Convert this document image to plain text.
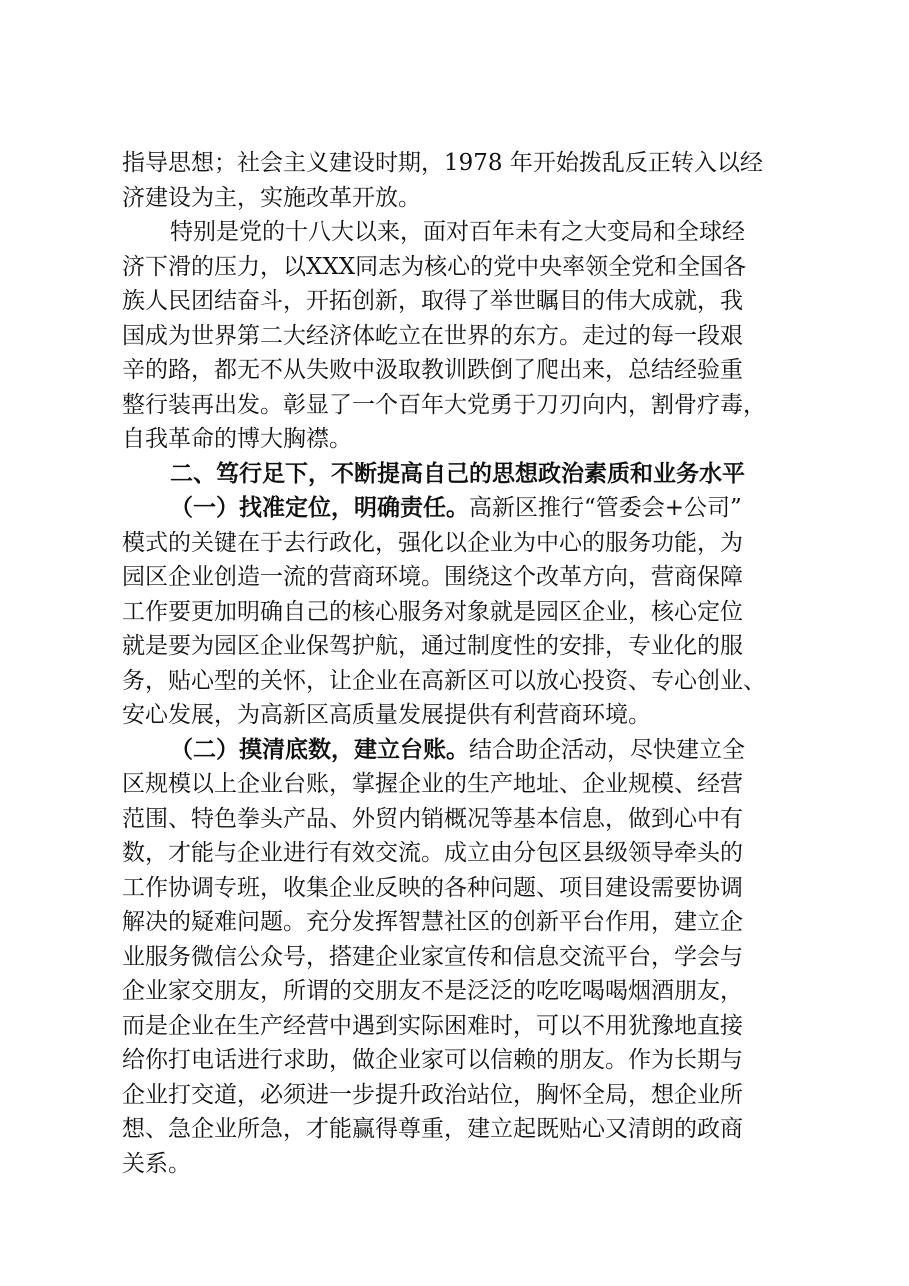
指导思想；社会主义建设时期，1978 年开始拨乱反正转入以经
济建设为主，实施改革开放。

特别是党的十八大以来，面对百年未有之大变局和全球经
济下滑的压力，以XXX同志为核心的党中央率领全党和全国各
族人民团结奋斗，开拓创新，取得了举世瞩目的伟大成就，我
国成为世界第二大经济体屹立在世界的东方。走过的每一段艰
辛的路，都无不从失败中汲取教训跌倒了爬出来，总结经验重
整行装再出发。彰显了一个百年大党勇于刀刃向内，割骨疗毒，
自我革命的博大胸襟。

二、笃行足下，不断提高自己的思想政治素质和业务水平

（一）找准定位，明确责任。高新区推行“管委会+公司”
模式的关键在于去行政化，强化以企业为中心的服务功能，为
园区企业创造一流的营商环境。围绕这个改革方向，营商保障
工作要更加明确自己的核心服务对象就是园区企业，核心定位
就是要为园区企业保驾护航，通过制度性的安排，专业化的服
务，贴心型的关怀，让企业在高新区可以放心投资、专心创业、
安心发展，为高新区高质量发展提供有利营商环境。

（二）摸清底数，建立台账。结合助企活动，尽快建立全
区规模以上企业台账，掌握企业的生产地址、企业规模、经营
范围、特色拳头产品、外贸内销概况等基本信息，做到心中有
数，才能与企业进行有效交流。成立由分包区县级领导牵头的
工作协调专班，收集企业反映的各种问题、项目建设需要协调
解决的疑难问题。充分发挥智慧社区的创新平台作用，建立企
业服务微信公众号，搭建企业家宣传和信息交流平台，学会与
企业家交朋友，所谓的交朋友不是泛泛的吃吃喝喝烟酒朋友，
而是企业在生产经营中遇到实际困难时，可以不用犹豫地直接
给你打电话进行求助，做企业家可以信赖的朋友。作为长期与
企业打交道，必须进一步提升政治站位，胸怀全局，想企业所
想、急企业所急，才能赢得尊重，建立起既贴心又清朗的政商
关系。
